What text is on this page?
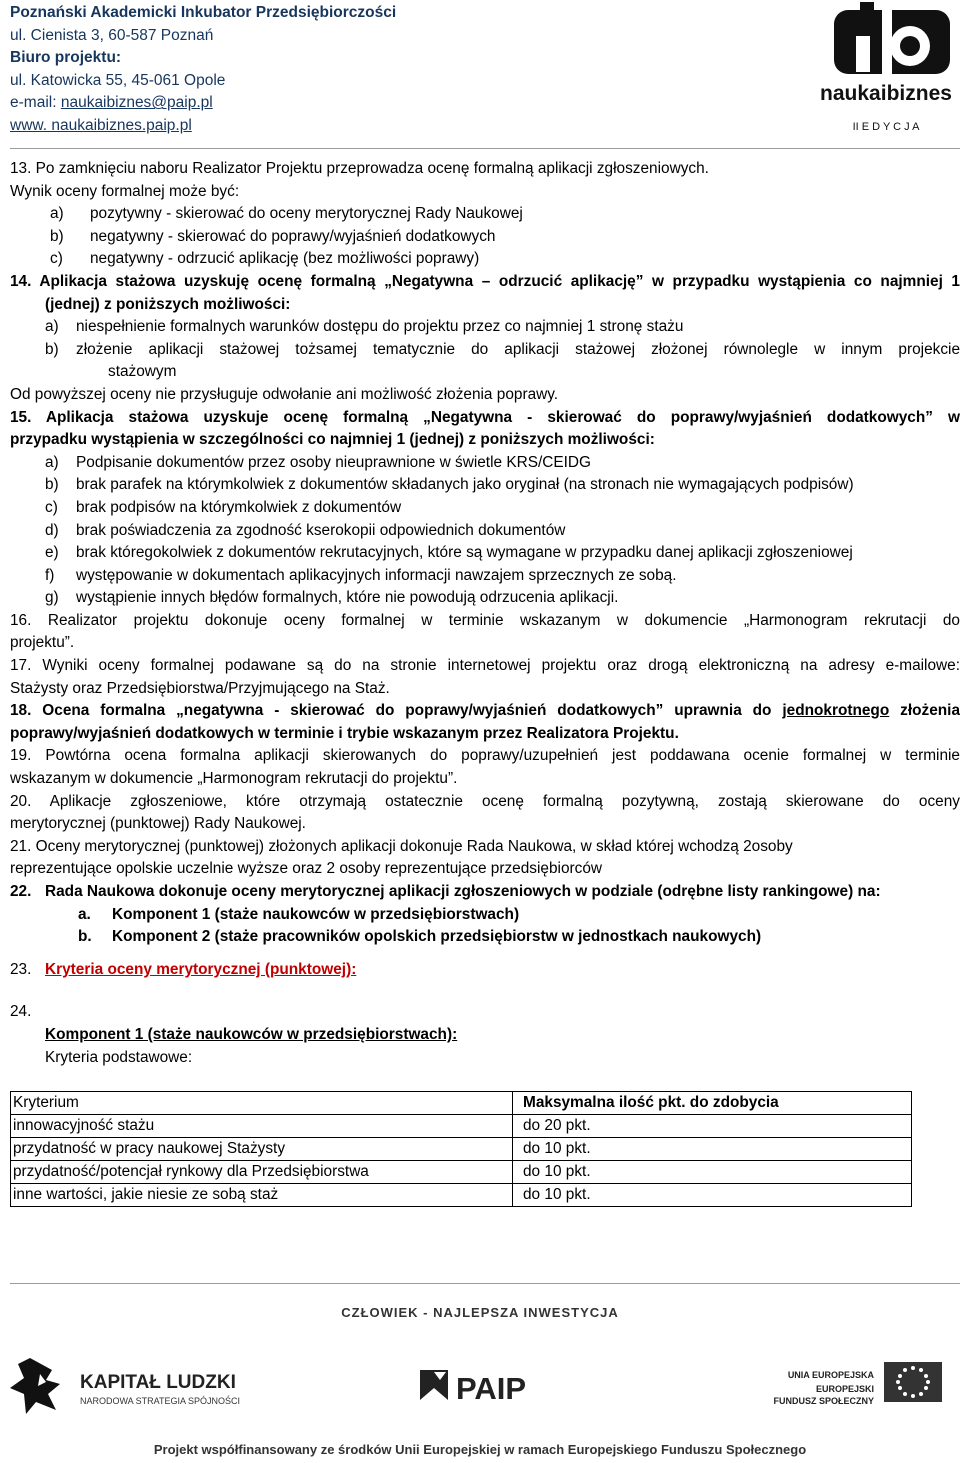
Poznański Akademicki Inkubator Przedsiębiorczości
ul. Cienista 3, 60-587 Poznań
Biuro projektu:
ul. Katowicka 55, 45-061 Opole
e-mail: naukaibiznes@paip.pl
www. naukaibiznes.paip.pl
naukaibiznes
II E D Y C J A
13. Po zamknięciu naboru Realizator Projektu przeprowadza ocenę formalną aplikacji zgłoszeniowych.
Wynik oceny formalnej może być:
a) pozytywny - skierować do oceny merytorycznej Rady Naukowej
b) negatywny - skierować do poprawy/wyjaśnień dodatkowych
c) negatywny - odrzucić aplikację (bez możliwości poprawy)
14. Aplikacja stażowa uzyskuję ocenę formalną „Negatywna – odrzucić aplikację” w przypadku wystąpienia co najmniej 1
(jednej) z poniższych możliwości:
a) niespełnienie formalnych warunków dostępu do projektu przez co najmniej 1 stronę stażu
b) złożenie aplikacji stażowej tożsamej tematycznie do aplikacji stażowej złożonej równolegle w innym projekcie
stażowym
Od powyższej oceny nie przysługuje odwołanie ani możliwość złożenia poprawy.
15. Aplikacja stażowa uzyskuje ocenę formalną „Negatywna - skierować do poprawy/wyjaśnień dodatkowych” w
przypadku wystąpienia w szczególności co najmniej 1 (jednej) z poniższych możliwości:
a) Podpisanie dokumentów przez osoby nieuprawnione w świetle KRS/CEIDG
b) brak parafek na którymkolwiek z dokumentów składanych jako oryginał (na stronach nie wymagających podpisów)
c) brak podpisów na którymkolwiek z dokumentów
d) brak poświadczenia za zgodność kserokopii odpowiednich dokumentów
e) brak któregokolwiek z dokumentów rekrutacyjnych, które są wymagane w przypadku danej aplikacji zgłoszeniowej
f) występowanie w dokumentach aplikacyjnych informacji nawzajem sprzecznych ze sobą.
g) wystąpienie innych błędów formalnych, które nie powodują odrzucenia aplikacji.
16. Realizator projektu dokonuje oceny formalnej w terminie wskazanym w dokumencie „Harmonogram rekrutacji do
projektu”.
17. Wyniki oceny formalnej podawane są do na stronie internetowej projektu oraz drogą elektroniczną na adresy e-mailowe:
Stażysty oraz Przedsiębiorstwa/Przyjmującego na Staż.
18. Ocena formalna „negatywna - skierować do poprawy/wyjaśnień dodatkowych” uprawnia do jednokrotnego złożenia
poprawy/wyjaśnień dodatkowych w terminie i trybie wskazanym przez Realizatora Projektu.
19. Powtórna ocena formalna aplikacji skierowanych do poprawy/uzupełnień jest poddawana ocenie formalnej w terminie
wskazanym w dokumencie „Harmonogram rekrutacji do projektu”.
20. Aplikacje zgłoszeniowe, które otrzymają ostatecznie ocenę formalną pozytywną, zostają skierowane do oceny
merytorycznej (punktowej) Rady Naukowej.
21. Oceny merytorycznej (punktowej) złożonych aplikacji dokonuje Rada Naukowa, w skład której wchodzą 2osoby
reprezentujące opolskie uczelnie wyższe oraz 2 osoby reprezentujące przedsiębiorców
22. Rada Naukowa dokonuje oceny merytorycznej aplikacji zgłoszeniowych w podziale (odrębne listy rankingowe) na:
a. Komponent 1 (staże naukowców w przedsiębiorstwach)
b. Komponent 2 (staże pracowników opolskich przedsiębiorstw w jednostkach naukowych)
23. Kryteria oceny merytorycznej (punktowej):
24.
Komponent 1 (staże naukowców w przedsiębiorstwach):
Kryteria podstawowe:
Kryterium	Maksymalna ilość pkt. do zdobycia
innowacyjność stażu	do 20 pkt.
przydatność w pracy naukowej Stażysty	do 10 pkt.
przydatność/potencjał rynkowy dla Przedsiębiorstwa	do 10 pkt.
inne wartości, jakie niesie ze sobą staż	do 10 pkt.
CZŁOWIEK - NAJLEPSZA INWESTYCJA
KAPITAŁ LUDZKI
NARODOWA STRATEGIA SPÓJNOŚCI	PAIP	UNIA EUROPEJSKA
EUROPEJSKI
FUNDUSZ SPOŁECZNY
Projekt współfinansowany ze środków Unii Europejskiej w ramach Europejskiego Funduszu Społecznego
